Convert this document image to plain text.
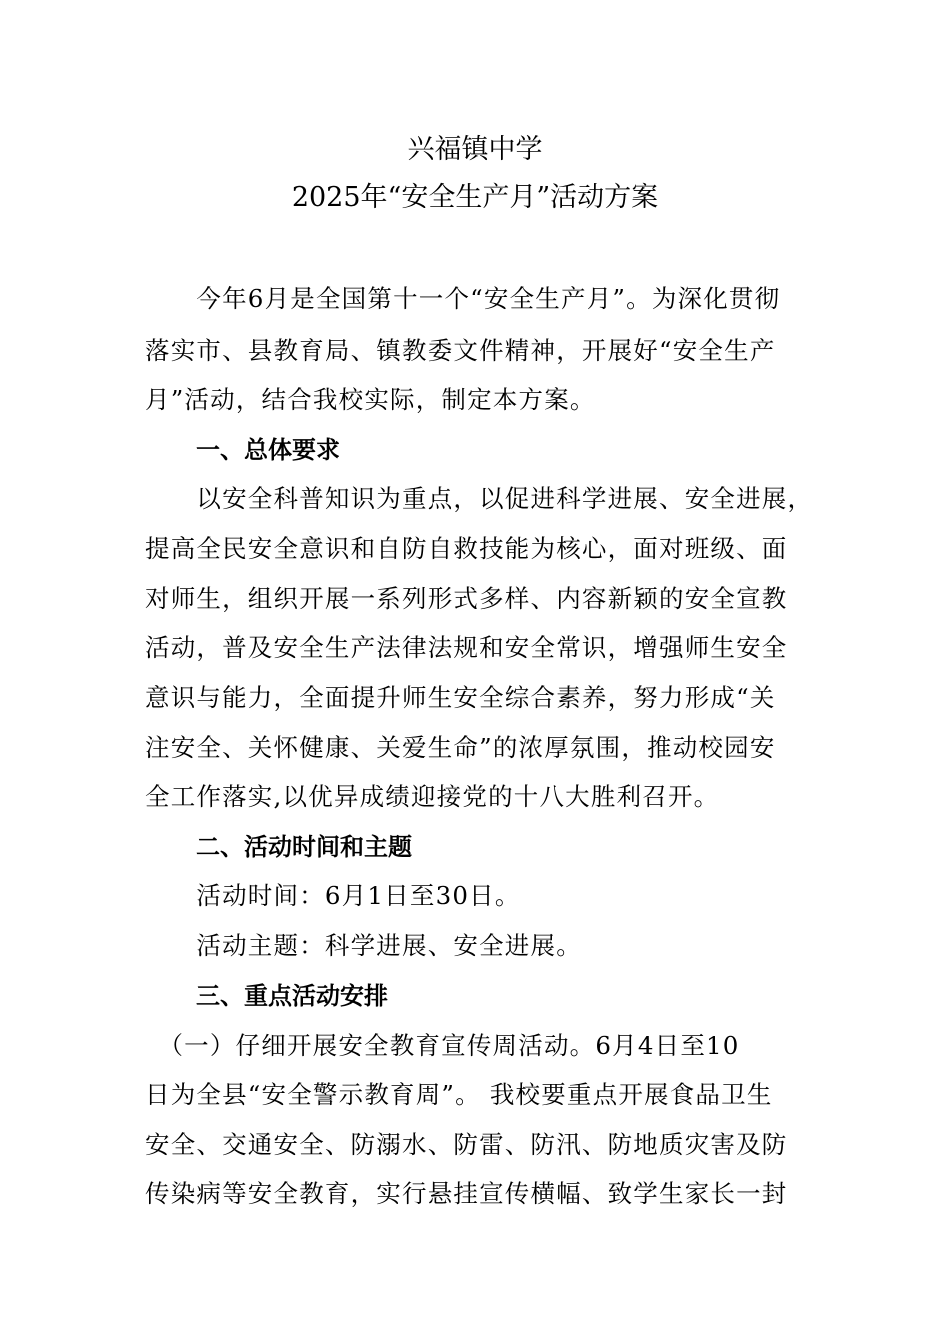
兴福镇中学
2025年“安全生产月”活动方案
　　今年6月是全国第十一个“安全生产月”。为深化贯彻
落实市、县教育局、镇教委文件精神，开展好“安全生产
月”活动，结合我校实际，制定本方案。
一、总体要求
　　以安全科普知识为重点，以促进科学进展、安全进展，
提高全民安全意识和自防自救技能为核心，面对班级、面
对师生，组织开展一系列形式多样、内容新颖的安全宣教
活动，普及安全生产法律法规和安全常识，增强师生安全
意识与能力，全面提升师生安全综合素养，努力形成“关
注安全、关怀健康、关爱生命”的浓厚氛围，推动校园安
全工作落实,以优异成绩迎接党的十八大胜利召开。
二、活动时间和主题
　　活动时间：6月1日至30日。
　　活动主题：科学进展、安全进展。
三、重点活动安排
　（一）仔细开展安全教育宣传周活动。6月4日至10
日为全县“安全警示教育周”。 我校要重点开展食品卫生
安全、交通安全、防溺水、防雷、防汛、防地质灾害及防
传染病等安全教育，实行悬挂宣传横幅、致学生家长一封
